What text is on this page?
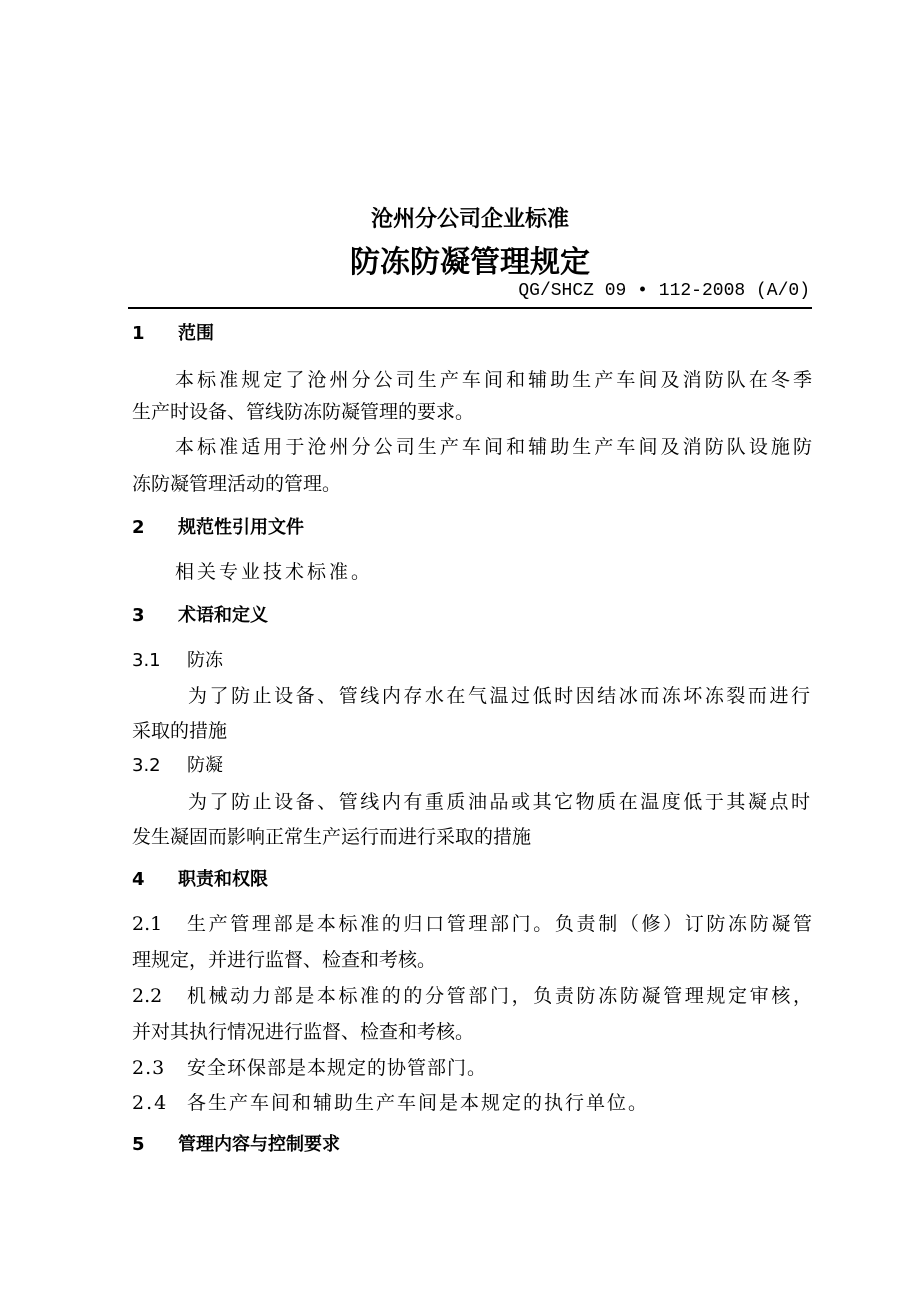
沧州分公司企业标准
防冻防凝管理规定
QG/SHCZ 09 • 112-2008 (A/0)
1 范围
本标准规定了沧州分公司生产车间和辅助生产车间及消防队在冬季
生产时设备、管线防冻防凝管理的要求。
本标准适用于沧州分公司生产车间和辅助生产车间及消防队设施防
冻防凝管理活动的管理。
2 规范性引用文件
相关专业技术标准。
3 术语和定义
3.1 防冻
为了防止设备、管线内存水在气温过低时因结冰而冻坏冻裂而进行
采取的措施
3.2 防凝
为了防止设备、管线内有重质油品或其它物质在温度低于其凝点时
发生凝固而影响正常生产运行而进行采取的措施
4 职责和权限
2.1	生产管理部是本标准的归口管理部门。负责制（修）订防冻防凝管
理规定，并进行监督、检查和考核。
2.2	机械动力部是本标准的的分管部门，负责防冻防凝管理规定审核，
并对其执行情况进行监督、检查和考核。
2.3 安全环保部是本规定的协管部门。
2.4 各生产车间和辅助生产车间是本规定的执行单位。
5 管理内容与控制要求
